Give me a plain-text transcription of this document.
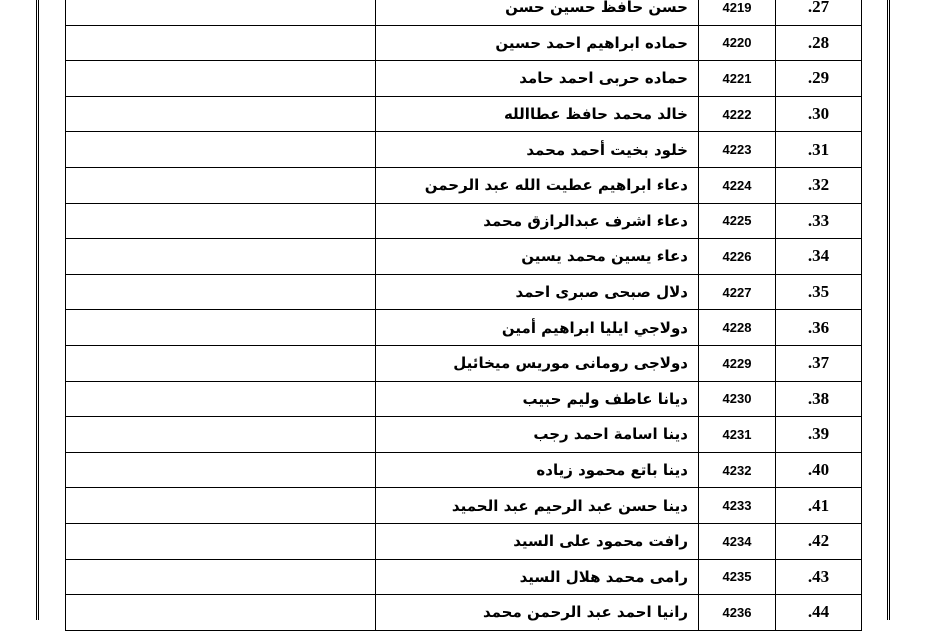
	حسن حافظ حسين حسن	4219	.27
	حماده ابراهيم احمد حسين	4220	.28
	حماده حربى احمد حامد	4221	.29
	خالد محمد حافظ عطاالله	4222	.30
	خلود بخيت أحمد محمد	4223	.31
	دعاء ابراهيم عطيت الله عبد الرحمن	4224	.32
	دعاء اشرف عبدالرازق محمد	4225	.33
	دعاء يسين محمد يسين	4226	.34
	دلال صبحى صبرى احمد	4227	.35
	دولاجي ايليا ابراهيم أمين	4228	.36
	دولاجى رومانى موريس ميخائيل	4229	.37
	ديانا عاطف وليم حبيب	4230	.38
	دينا اسامة احمد رجب	4231	.39
	دينا باتع محمود زياده	4232	.40
	دينا حسن عبد الرحيم عبد الحميد	4233	.41
	رافت محمود على السيد	4234	.42
	رامى محمد هلال السيد	4235	.43
	رانيا احمد عبد الرحمن محمد	4236	.44
